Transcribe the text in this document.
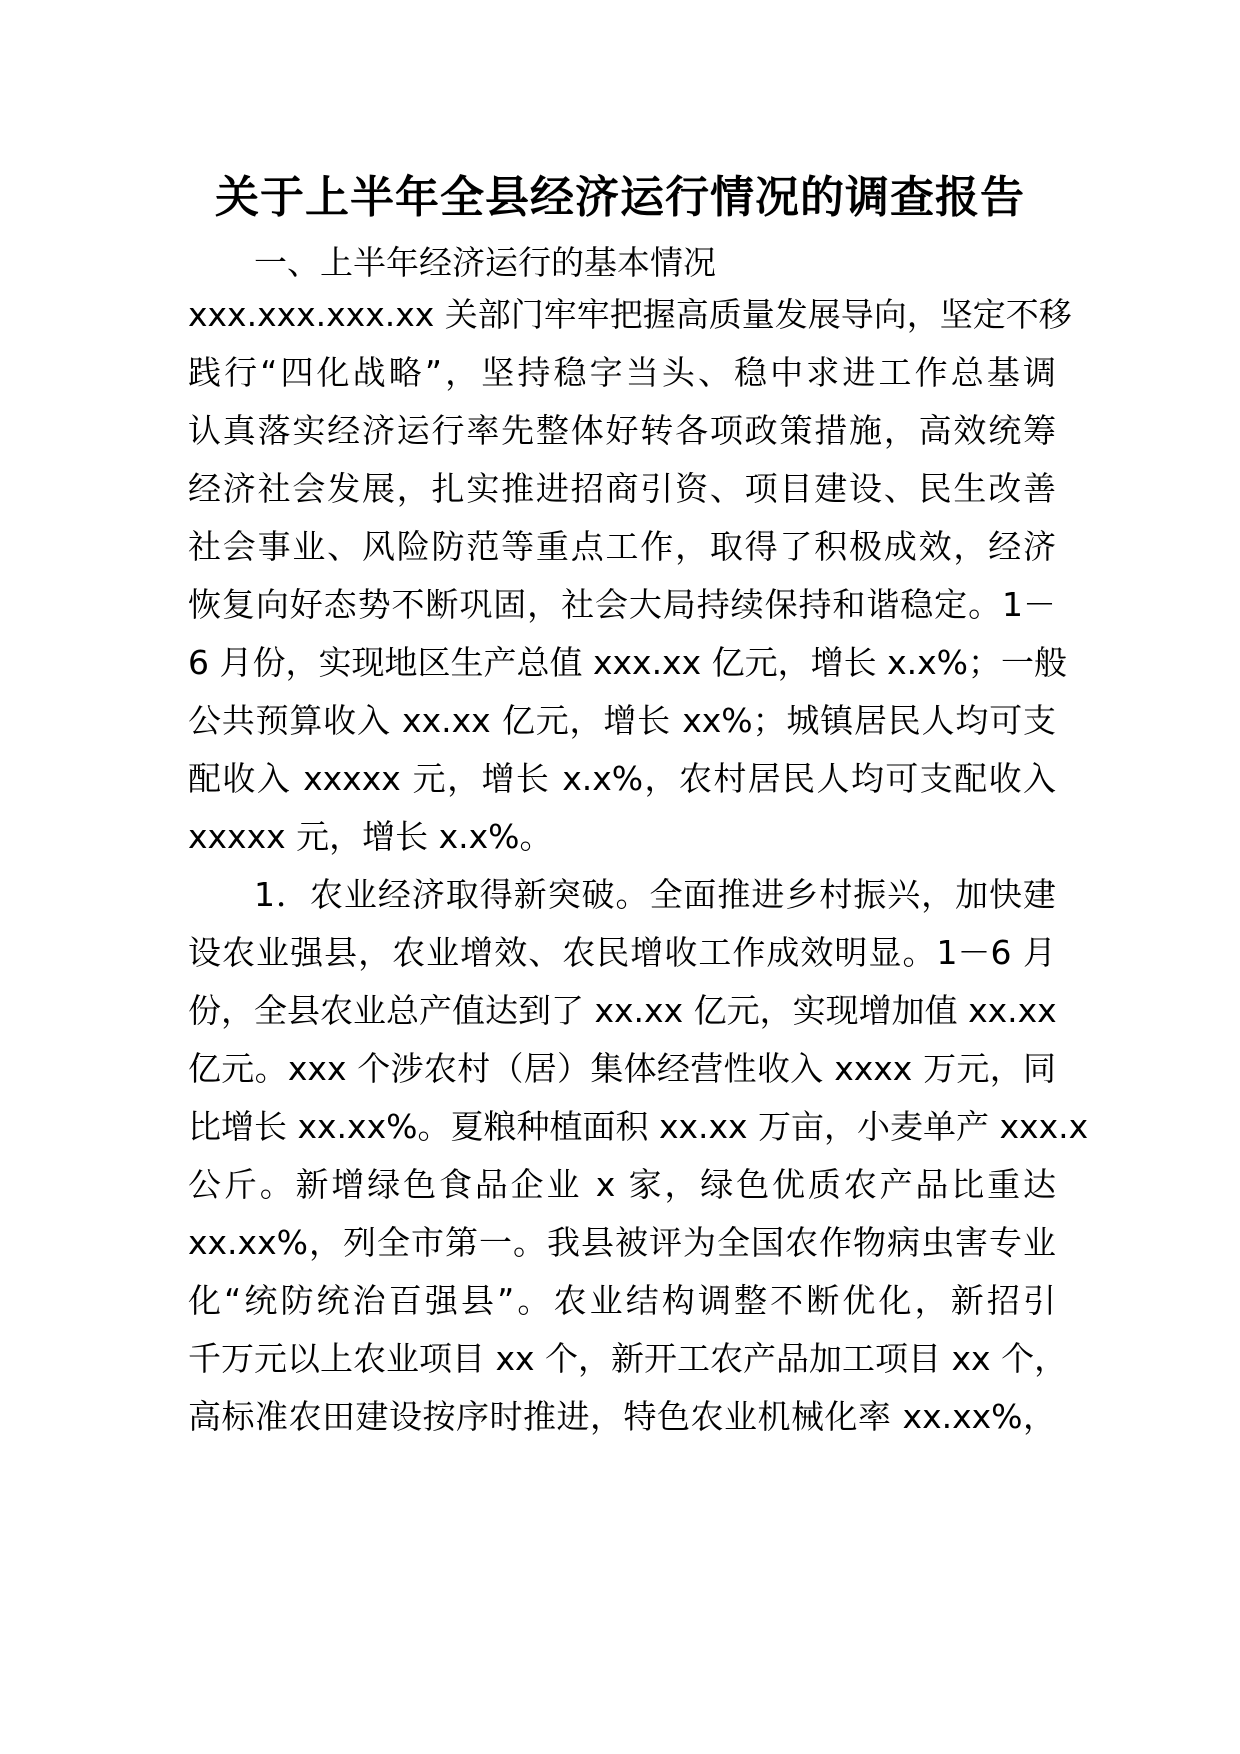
关于上半年全县经济运行情况的调查报告
一、上半年经济运行的基本情况
xxx.xxx.xxx.xx 关部门牢牢把握高质量发展导向，坚定不移
践行“四化战略”，坚持稳字当头、稳中求进工作总基调
认真落实经济运行率先整体好转各项政策措施，高效统筹
经济社会发展，扎实推进招商引资、项目建设、民生改善
社会事业、风险防范等重点工作，取得了积极成效，经济
恢复向好态势不断巩固，社会大局持续保持和谐稳定。1－
6 月份，实现地区生产总值 xxx.xx 亿元，增长 x.x%；一般
公共预算收入 xx.xx 亿元，增长 xx%；城镇居民人均可支
配收入 xxxxx 元，增长 x.x%，农村居民人均可支配收入
xxxxx 元，增长 x.x%。
1．农业经济取得新突破。全面推进乡村振兴，加快建
设农业强县，农业增效、农民增收工作成效明显。1－6 月
份，全县农业总产值达到了 xx.xx 亿元，实现增加值 xx.xx
亿元。xxx 个涉农村（居）集体经营性收入 xxxx 万元，同
比增长 xx.xx%。夏粮种植面积 xx.xx 万亩，小麦单产 xxx.x
公斤。新增绿色食品企业 x 家，绿色优质农产品比重达
xx.xx%，列全市第一。我县被评为全国农作物病虫害专业
化“统防统治百强县”。农业结构调整不断优化，新招引
千万元以上农业项目 xx 个，新开工农产品加工项目 xx 个，
高标准农田建设按序时推进，特色农业机械化率 xx.xx%，
